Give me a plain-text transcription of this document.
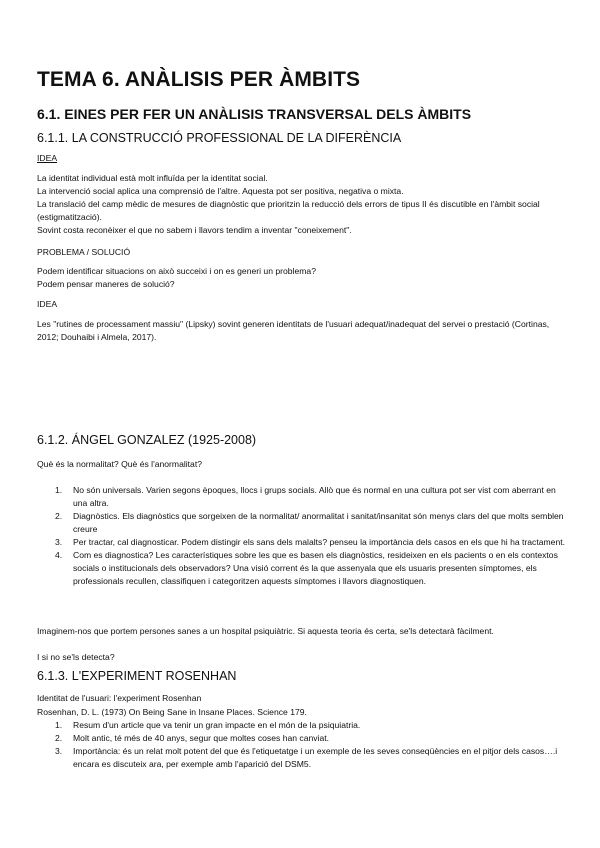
TEMA 6. ANÀLISIS PER ÀMBITS
6.1. EINES PER FER UN ANÀLISIS TRANSVERSAL DELS ÀMBITS
6.1.1. LA CONSTRUCCIÓ PROFESSIONAL DE LA DIFERÈNCIA
IDEA
La identitat individual està molt influïda per la identitat social.
La intervenció social aplica una comprensió de l'altre. Aquesta pot ser positiva, negativa o mixta.
La translació del camp mèdic de mesures de diagnòstic que prioritzin la reducció dels errors de tipus II és discutible en l'àmbit social (estigmatització).
Sovint costa reconèixer el que no sabem i llavors tendim a inventar "coneixement".
PROBLEMA / SOLUCIÓ
Podem identificar situacions on això succeixi i on es generi un problema?
Podem pensar maneres de solució?
IDEA
Les "rutines de processament massiu" (Lipsky) sovint generen identitats de l'usuari adequat/inadequat del servei o prestació (Cortinas, 2012; Douhaibi i Almela, 2017).
6.1.2. ÁNGEL GONZALEZ (1925-2008)
Què és la normalitat? Què és l'anormalitat?
1. No són universals. Varien segons èpoques, llocs i grups socials. Allò que és normal en una cultura pot ser vist com aberrant en una altra.
2. Diagnòstics. Els diagnòstics que sorgeixen de la normalitat/ anormalitat i sanitat/insanitat són menys clars del que molts semblen creure
3. Per tractar, cal diagnosticar. Podem distingir els sans dels malalts? penseu la importància dels casos en els que hi ha tractament.
4. Com es diagnostica? Les característiques sobre les que es basen els diagnòstics, resideixen en els pacients o en els contextos socials o institucionals dels observadors? Una visió corrent és la que assenyala que els usuaris presenten símptomes, els professionals recullen, classifiquen i categoritzen aquests símptomes i llavors diagnostiquen.
Imaginem-nos que portem persones sanes a un hospital psiquiàtric. Si aquesta teoria és certa, se'ls detectarà fàcilment.
I si no se'ls detecta?
6.1.3. L'EXPERIMENT ROSENHAN
Identitat de l'usuari: l'experiment Rosenhan
Rosenhan, D. L. (1973) On Being Sane in Insane Places. Science 179.
1. Resum d'un article que va tenir un gran impacte en el món de la psiquiatria.
2. Molt antic, té més de 40 anys, segur que moltes coses han canviat.
3. Importància: és un relat molt potent del que és l'etiquetatge i un exemple de les seves conseqüències en el pitjor dels casos….i encara es discuteix ara, per exemple amb l'aparició del DSM5.
